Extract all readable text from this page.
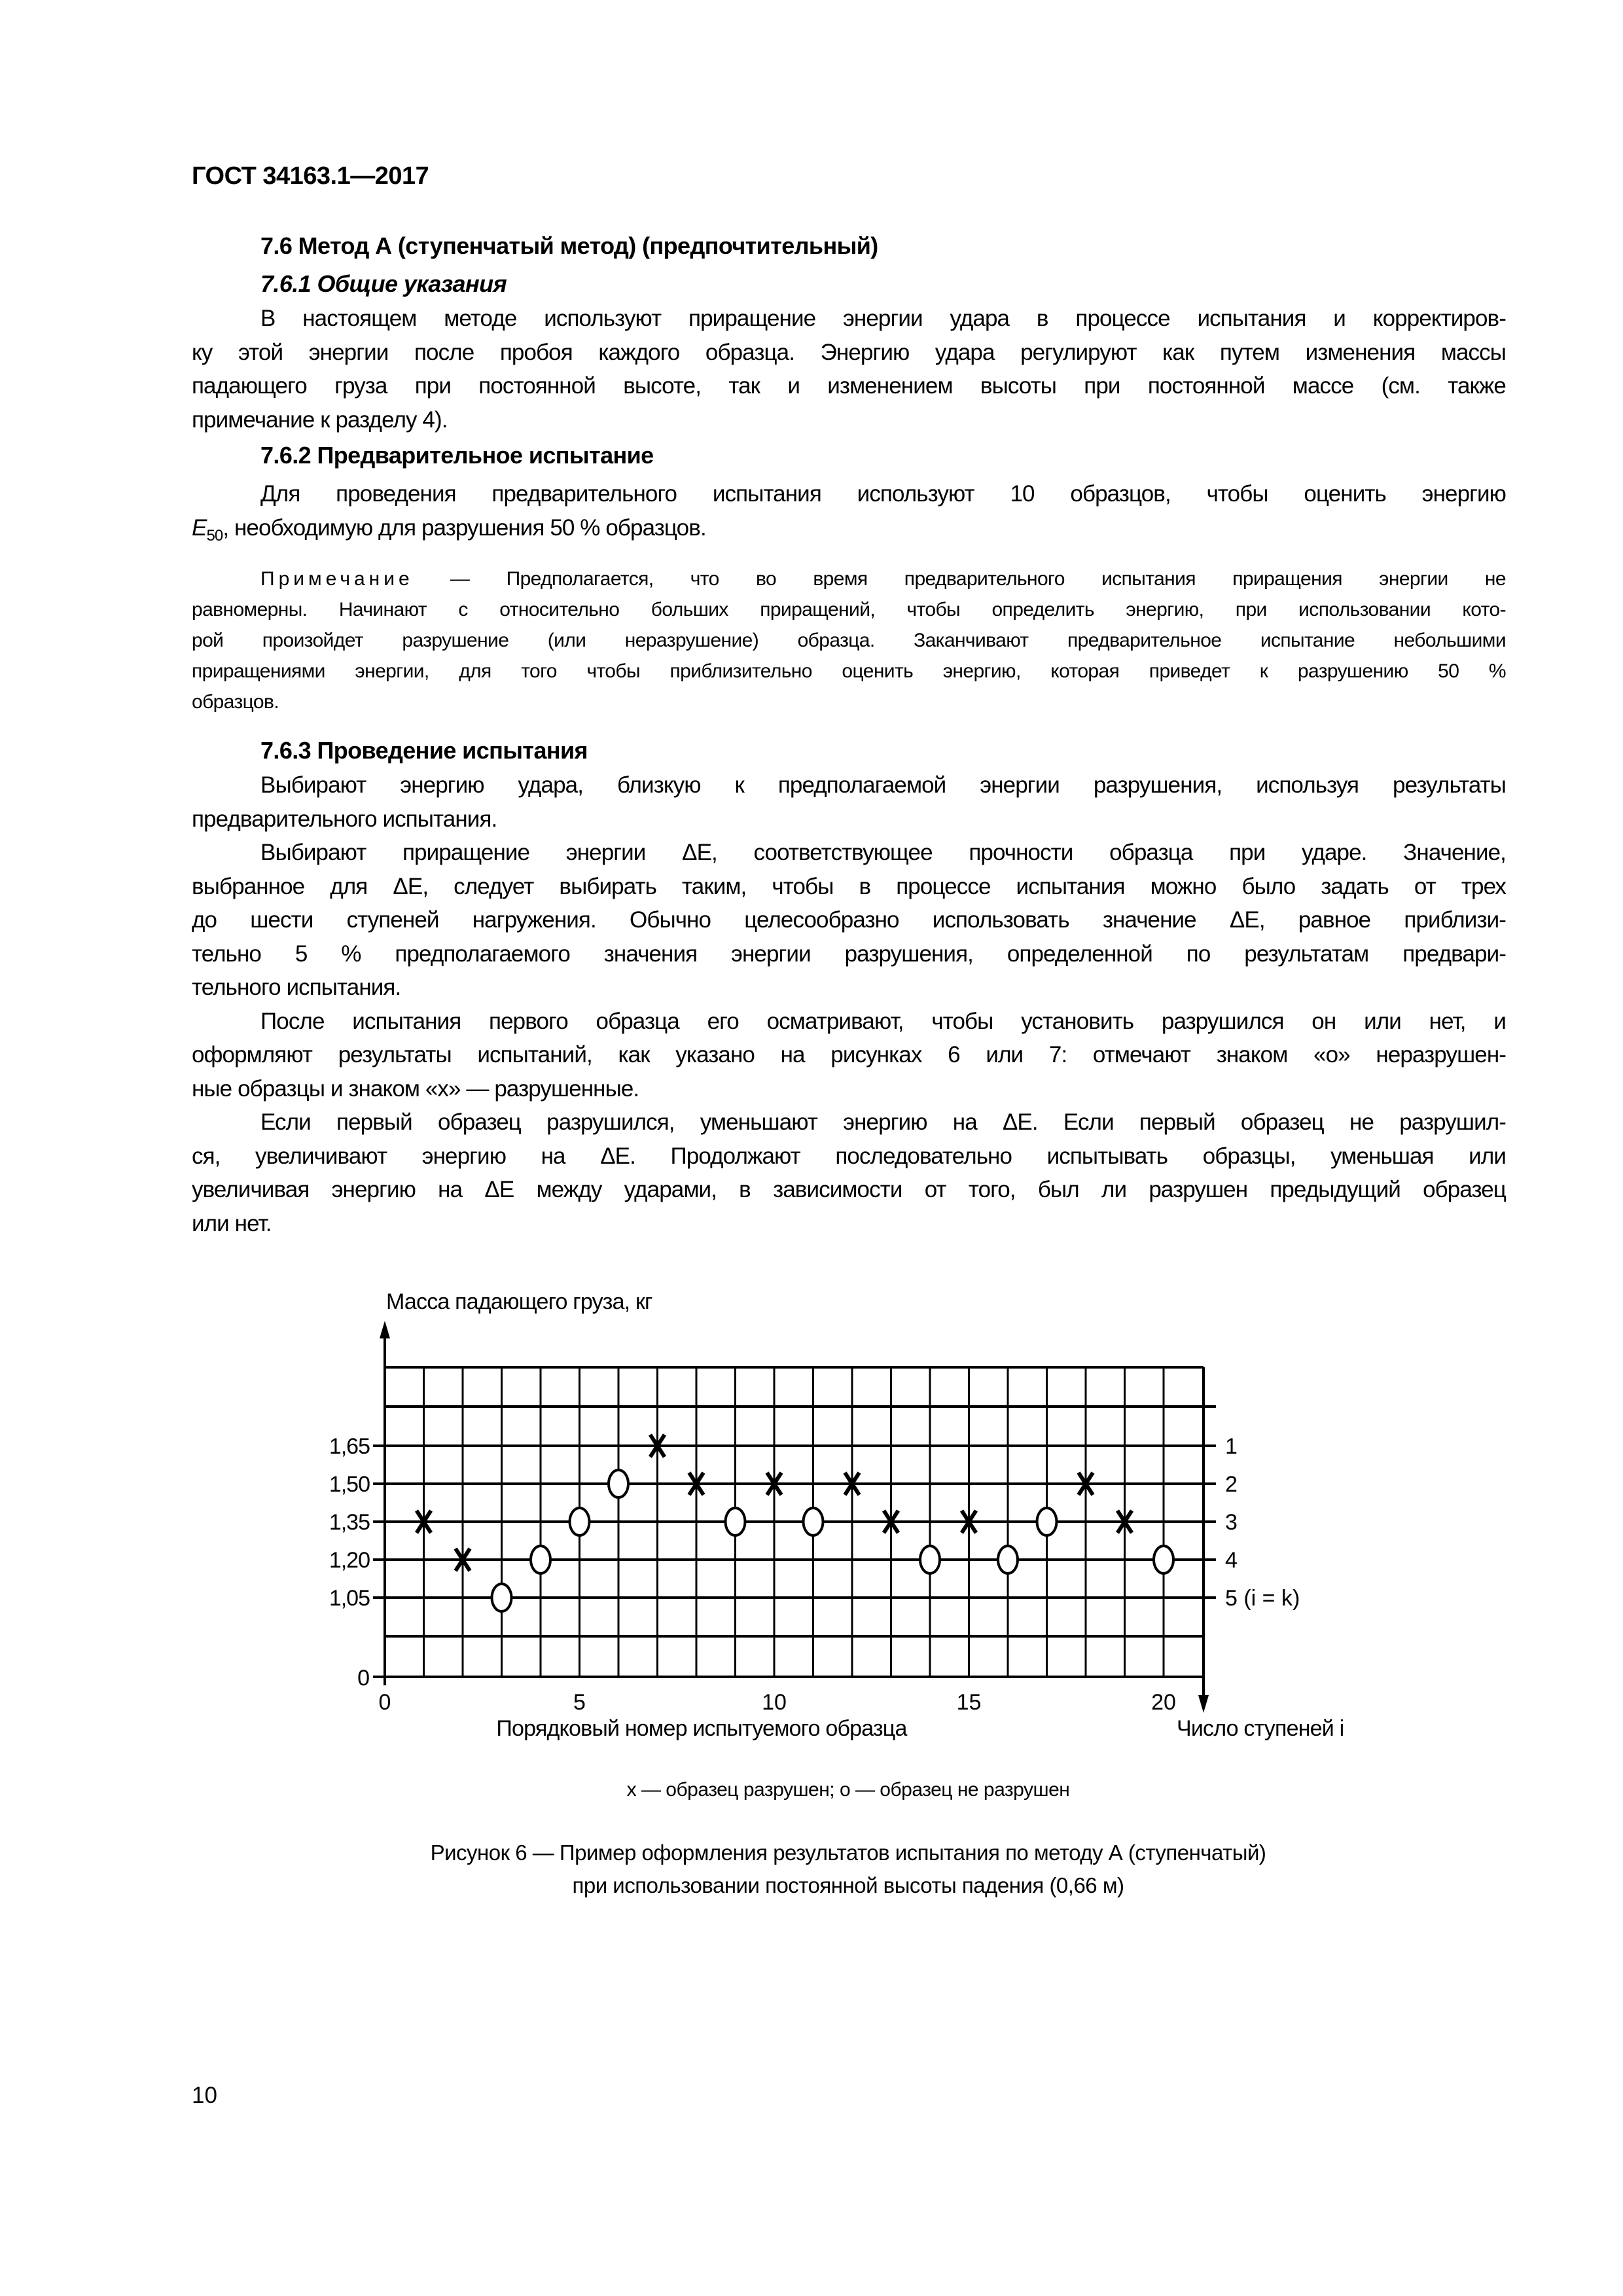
ГОСТ 34163.1—2017
7.6 Метод А (ступенчатый метод) (предпочтительный)
7.6.1 Общие указания
В настоящем методе используют приращение энергии удара в процессе испытания и корректиров-
ку этой энергии после пробоя каждого образца. Энергию удара регулируют как путем изменения массы
падающего груза при постоянной высоте, так и изменением высоты при постоянной массе (см. также
примечание к разделу 4).
7.6.2 Предварительное испытание
Для проведения предварительного испытания используют 10 образцов, чтобы оценить энергию
$E_{50}$, необходимую для разрушения 50 % образцов.
Примечание — Предполагается, что во время предварительного испытания приращения энергии не
равномерны. Начинают с относительно больших приращений, чтобы определить энергию, при использовании кото-
рой произойдет разрушение (или неразрушение) образца. Заканчивают предварительное испытание небольшими
приращениями энергии, для того чтобы приблизительно оценить энергию, которая приведет к разрушению 50 %
образцов.
7.6.3 Проведение испытания
Выбирают энергию удара, близкую к предполагаемой энергии разрушения, используя результаты
предварительного испытания.
Выбирают приращение энергии ΔE, соответствующее прочности образца при ударе. Значение,
выбранное для ΔE, следует выбирать таким, чтобы в процессе испытания можно было задать от трех
до шести ступеней нагружения. Обычно целесообразно использовать значение ΔE, равное приблизи-
тельно 5 % предполагаемого значения энергии разрушения, определенной по результатам предвари-
тельного испытания.
После испытания первого образца его осматривают, чтобы установить разрушился он или нет, и
оформляют результаты испытаний, как указано на рисунках 6 или 7: отмечают знаком «о» неразрушен-
ные образцы и знаком «х» — разрушенные.
Если первый образец разрушился, уменьшают энергию на ΔE. Если первый образец не разрушил-
ся, увеличивают энергию на ΔE. Продолжают последовательно испытывать образцы, уменьшая или
увеличивая энергию на ΔE между ударами, в зависимости от того, был ли разрушен предыдущий образец
или нет.
Масса падающего груза, кг
Порядковый номер испытуемого образца	Число ступеней i
0
1,65	1
1,50	2
1,35	3
1,20	4
1,05	5 (i = k)
0	5	10	15	20
х — образец разрушен; о — образец не разрушен
Рисунок 6 — Пример оформления результатов испытания по методу А (ступенчатый)
при использовании постоянной высоты падения (0,66 м)
10
